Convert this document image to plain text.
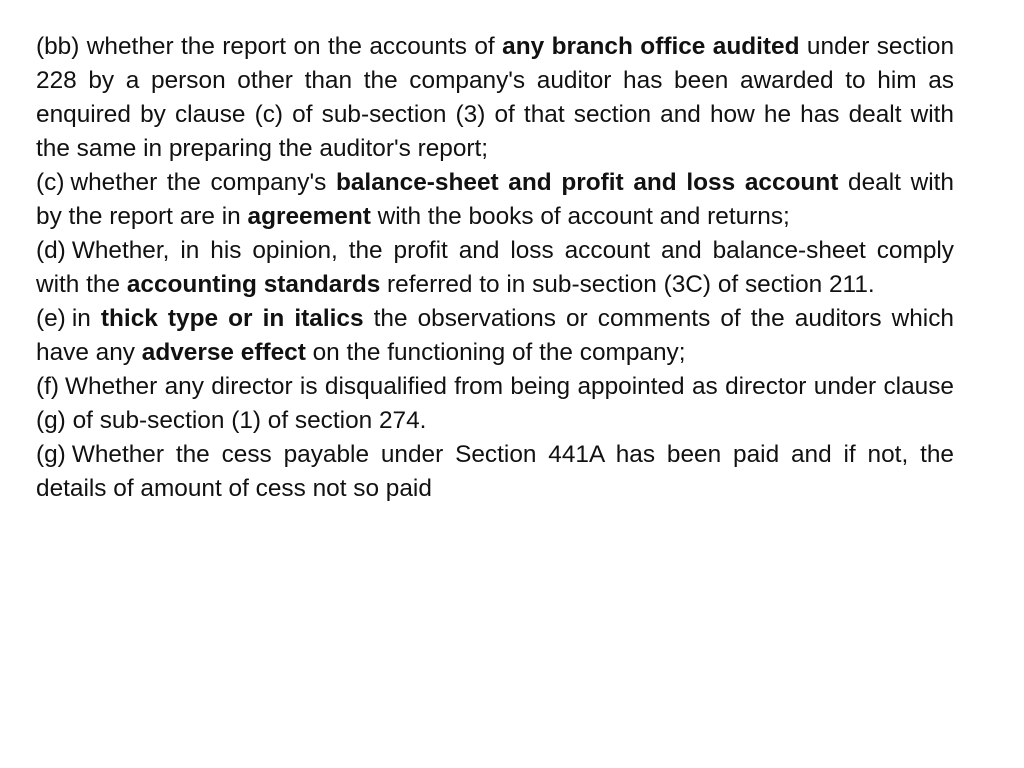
(bb) whether the report on the accounts of any branch office audited under section 228 by a person other than the company's auditor has been awarded to him as enquired by clause (c) of sub-section (3) of that section and how he has dealt with the same in preparing the auditor's report;

(c) whether the company's balance-sheet and profit and loss account dealt with by the report are in agreement with the books of account and returns;

(d) Whether, in his opinion, the profit and loss account and balance-sheet comply with the accounting standards referred to in sub-section (3C) of section 211.

(e) in thick type or in italics the observations or comments of the auditors which have any adverse effect on the functioning of the company;

(f) Whether any director is disqualified from being appointed as director under clause (g) of sub-section (1) of section 274.

(g) Whether the cess payable under Section 441A has been paid and if not, the details of amount of cess not so paid
